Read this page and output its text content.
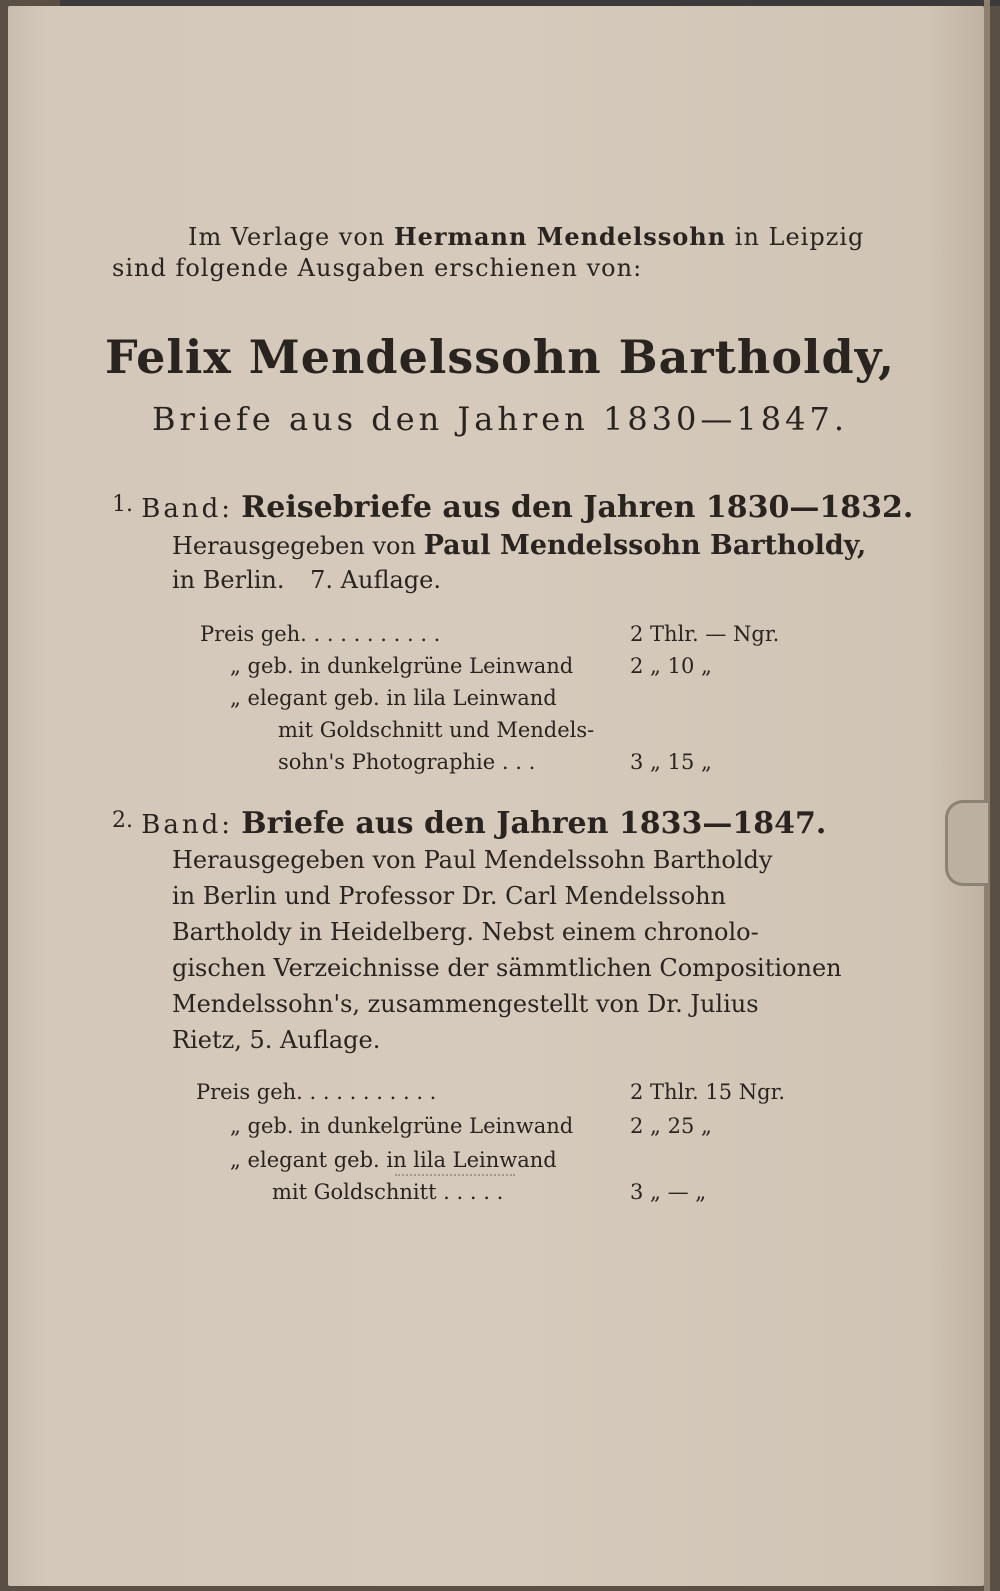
Im Verlage von Hermann Mendelssohn in Leipzig
sind folgende Ausgaben erschienen von:
Felix Mendelssohn Bartholdy,
Briefe aus den Jahren 1830—1847.
$^{1.}$ Band: Reisebriefe aus den Jahren 1830—1832.
Herausgegeben von Paul Mendelssohn Bartholdy,
in Berlin. 7. Auflage.
Preis geh. . . . . . . . . . .	2 Thlr. — Ngr.
„ geb. in dunkelgrüne Leinwand	2 „ 10 „
„ elegant geb. in lila Leinwand
mit Goldschnitt und Mendels-
sohn's Photographie . . .	3 „ 15 „
$^{2.}$ Band: Briefe aus den Jahren 1833—1847.
Herausgegeben von Paul Mendelssohn Bartholdy
in Berlin und Professor Dr. Carl Mendelssohn
Bartholdy in Heidelberg. Nebst einem chronolo-
gischen Verzeichnisse der sämmtlichen Compositionen
Mendelssohn's, zusammengestellt von Dr. Julius
Rietz, 5. Auflage.
Preis geh. . . . . . . . . . .	2 Thlr. 15 Ngr.
„ geb. in dunkelgrüne Leinwand	2 „ 25 „
„ elegant geb. in lila Leinwand
mit Goldschnitt . . . . .	3 „ — „
